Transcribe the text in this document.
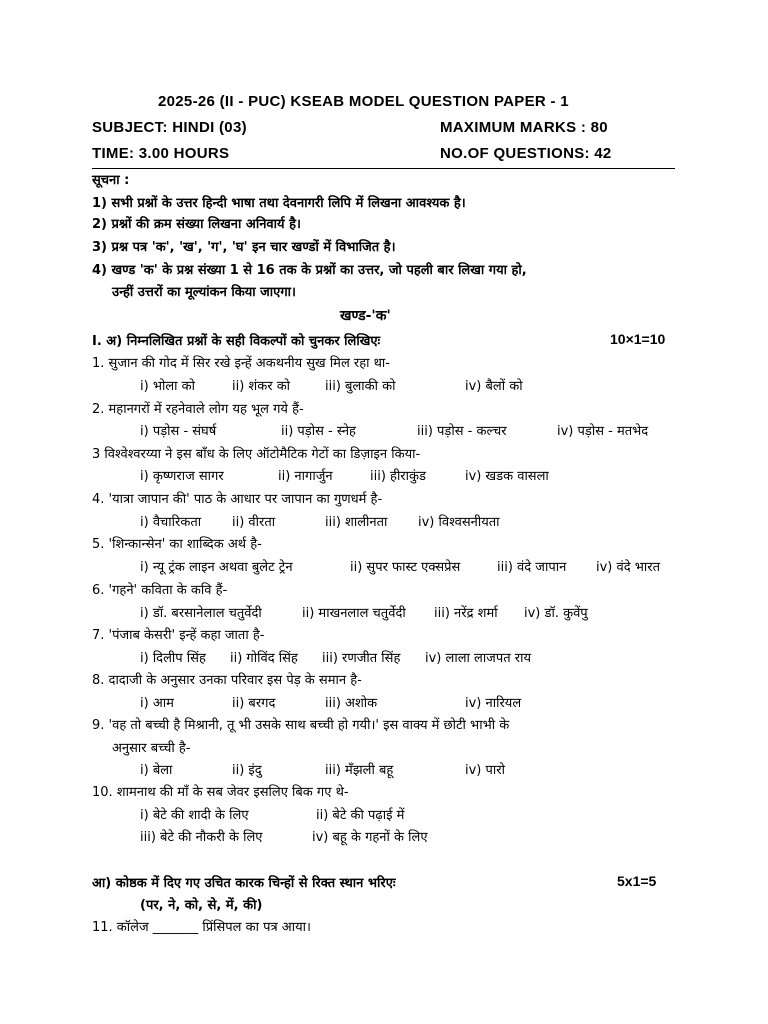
2025-26 (II - PUC) KSEAB MODEL QUESTION PAPER - 1
SUBJECT: HINDI (03)	MAXIMUM MARKS : 80
TIME: 3.00 HOURS	NO.OF QUESTIONS: 42
सूचना :
1) सभी प्रश्नों के उत्तर हिन्दी भाषा तथा देवनागरी लिपि में लिखना आवश्यक है।
2) प्रश्नों की क्रम संख्या लिखना अनिवार्य है।
3) प्रश्न पत्र 'क', 'ख', 'ग', 'घ' इन चार खण्डों में विभाजित है।
4) खण्ड 'क' के प्रश्न संख्या 1 से 16 तक के प्रश्नों का उत्तर, जो पहली बार लिखा गया हो,
उन्हीं उत्तरों का मूल्यांकन किया जाएगा।
खण्ड-'क'
I. अ) निम्नलिखित प्रश्नों के सही विकल्पों को चुनकर लिखिएः	10×1=10
1. सुजान की गोद में सिर रखे इन्हें अकथनीय सुख मिल रहा था-
i) भोला को	ii) शंकर को	iii) बुलाकी को	iv) बैलों को
2. महानगरों में रहनेवाले लोग यह भूल गये हैं-
i) पड़ोस - संघर्ष	ii) पड़ोस - स्नेह	iii) पड़ोस - कल्चर	iv) पड़ोस - मतभेद
3 विश्वेश्वरय्या ने इस बाँध के लिए ऑटोमैटिक गेटों का डिज़ाइन किया-
i) कृष्णराज सागर	ii) नागार्जुन	iii) हीराकुंड	iv) खडक वासला
4. 'यात्रा जापान की' पाठ के आधार पर जापान का गुणधर्म है-
i) वैचारिकता ii) वीरता	iii) शालीनता iv) विश्वसनीयता
5. 'शिन्कान्सेन' का शाब्दिक अर्थ है-
i) न्यू ट्रंक लाइन अथवा बुलेट ट्रेन	ii) सुपर फास्ट एक्सप्रेस	iii) वंदे जापान iv) वंदे भारत
6. 'गहने' कविता के कवि हैं-
i) डॉ. बरसानेलाल चतुर्वेदी	ii) माखनलाल चतुर्वेदी iii) नरेंद्र शर्मा iv) डॉ. कुवेंपु
7. 'पंजाब केसरी' इन्हें कहा जाता है-
i) दिलीप सिंह ii) गोविंद सिंह iii) रणजीत सिंह iv) लाला लाजपत राय
8. दादाजी के अनुसार उनका परिवार इस पेड़ के समान है-
i) आम	ii) बरगद	iii) अशोक	iv) नारियल
9. 'वह तो बच्ची है मिश्रानी, तू भी उसके साथ बच्ची हो गयी।' इस वाक्य में छोटी भाभी के
अनुसार बच्ची है-
i) बेला	ii) इंदु	iii) मँझली बहू	iv) पारो
10. शामनाथ की माँ के सब जेवर इसलिए बिक गए थे-
i) बेटे की शादी के लिए	ii) बेटे की पढ़ाई में
iii) बेटे की नौकरी के लिए	iv) बहू के गहनों के लिए
आ) कोष्ठक में दिए गए उचित कारक चिन्हों से रिक्त स्थान भरिएः	5x1=5
(पर, ने, को, से, में, की)
11. कॉलेज _______ प्रिंसिपल का पत्र आया।
